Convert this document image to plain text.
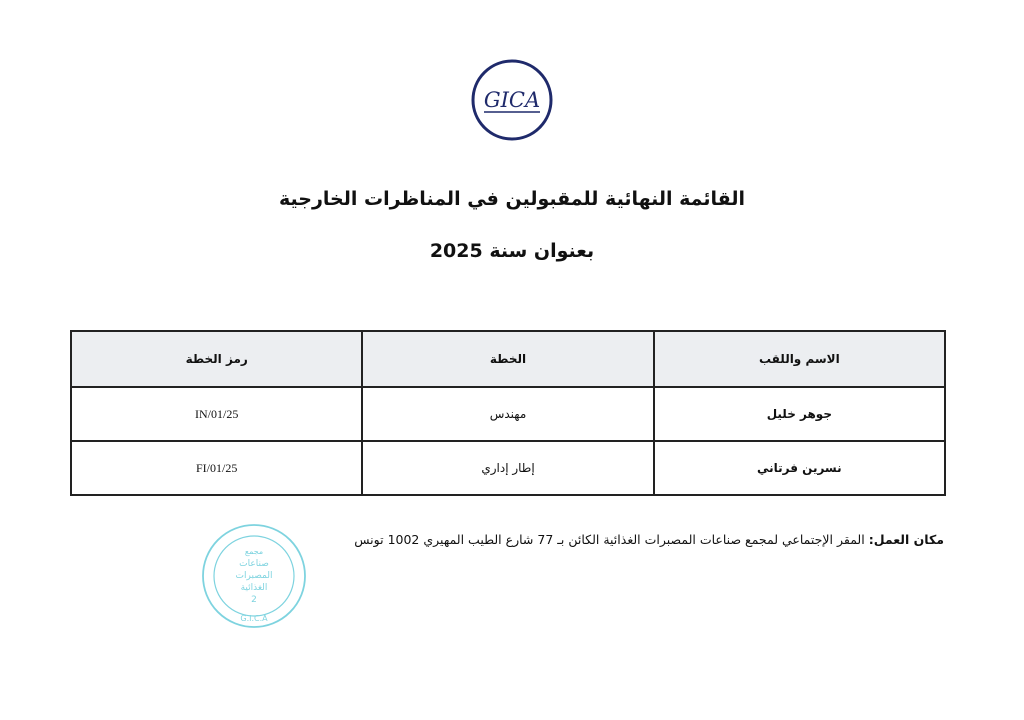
GICA
القائمة النهائية للمقبولين في المناظرات الخارجية
بعنوان سنة 2025
الاسم واللقب	الخطة	رمز الخطة
جوهر خليل	مهندس	IN/01/25
نسرين فرتاني	إطار إداري	FI/01/25
مكان العمل: المقر الإجتماعي لمجمع صناعات المصبرات الغذائية الكائن بـ 77 شارع الطيب المهيري 1002 تونس
مجمع
صناعات
المصبرات
الغذائية
2
G.I.C.A
